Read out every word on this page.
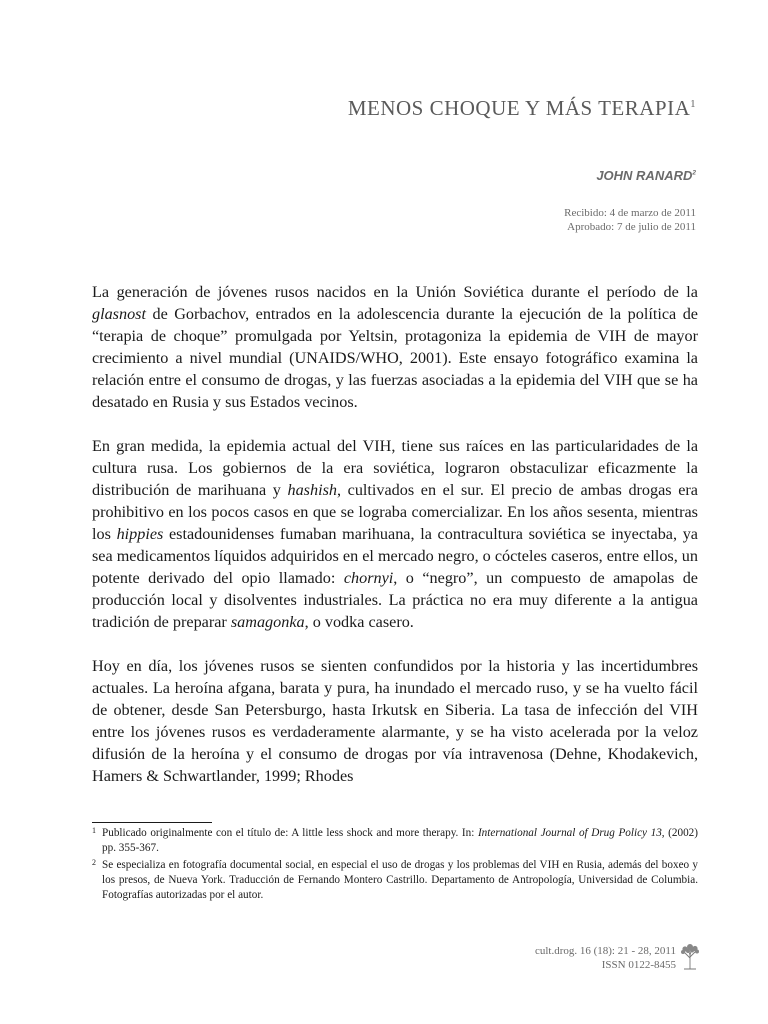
MENOS CHOQUE Y MÁS TERAPIA$^1$
JOHN RANARD$^2$
Recibido: 4 de marzo de 2011
Aprobado: 7 de julio de 2011

La generación de jóvenes rusos nacidos en la Unión Soviética durante el período de la glasnost de Gorbachov, entrados en la adolescencia durante la ejecución de la política de “terapia de choque” promulgada por Yeltsin, protagoniza la epidemia de VIH de mayor crecimiento a nivel mundial (UNAIDS/WHO, 2001). Este ensayo fotográfico examina la relación entre el consumo de drogas, y las fuerzas asociadas a la epidemia del VIH que se ha desatado en Rusia y sus Estados vecinos.

En gran medida, la epidemia actual del VIH, tiene sus raíces en las particularidades de la cultura rusa. Los gobiernos de la era soviética, lograron obstaculizar eficazmente la distribución de marihuana y hashish, cultivados en el sur. El precio de ambas drogas era prohibitivo en los pocos casos en que se lograba comercializar. En los años sesenta, mientras los hippies estadounidenses fumaban marihuana, la contracultura soviética se inyectaba, ya sea medicamentos líquidos adquiridos en el mercado negro, o cócteles caseros, entre ellos, un potente derivado del opio llamado: chornyi, o “negro”, un compuesto de amapolas de producción local y disolventes industriales. La práctica no era muy diferente a la antigua tradición de preparar samagonka, o vodka casero.

Hoy en día, los jóvenes rusos se sienten confundidos por la historia y las incertidumbres actuales. La heroína afgana, barata y pura, ha inundado el mercado ruso, y se ha vuelto fácil de obtener, desde San Petersburgo, hasta Irkutsk en Siberia. La tasa de infección del VIH entre los jóvenes rusos es verdaderamente alarmante, y se ha visto acelerada por la veloz difusión de la heroína y el consumo de drogas por vía intravenosa (Dehne, Khodakevich, Hamers & Schwartlander, 1999; Rhodes

1 Publicado originalmente con el título de: A little less shock and more therapy. In: International Journal of Drug Policy 13, (2002) pp. 355-367.
2 Se especializa en fotografía documental social, en especial el uso de drogas y los problemas del VIH en Rusia, además del boxeo y los presos, de Nueva York. Traducción de Fernando Montero Castrillo. Departamento de Antropología, Universidad de Columbia. Fotografías autorizadas por el autor.
cult.drog. 16 (18): 21 - 28, 2011
ISSN 0122-8455
